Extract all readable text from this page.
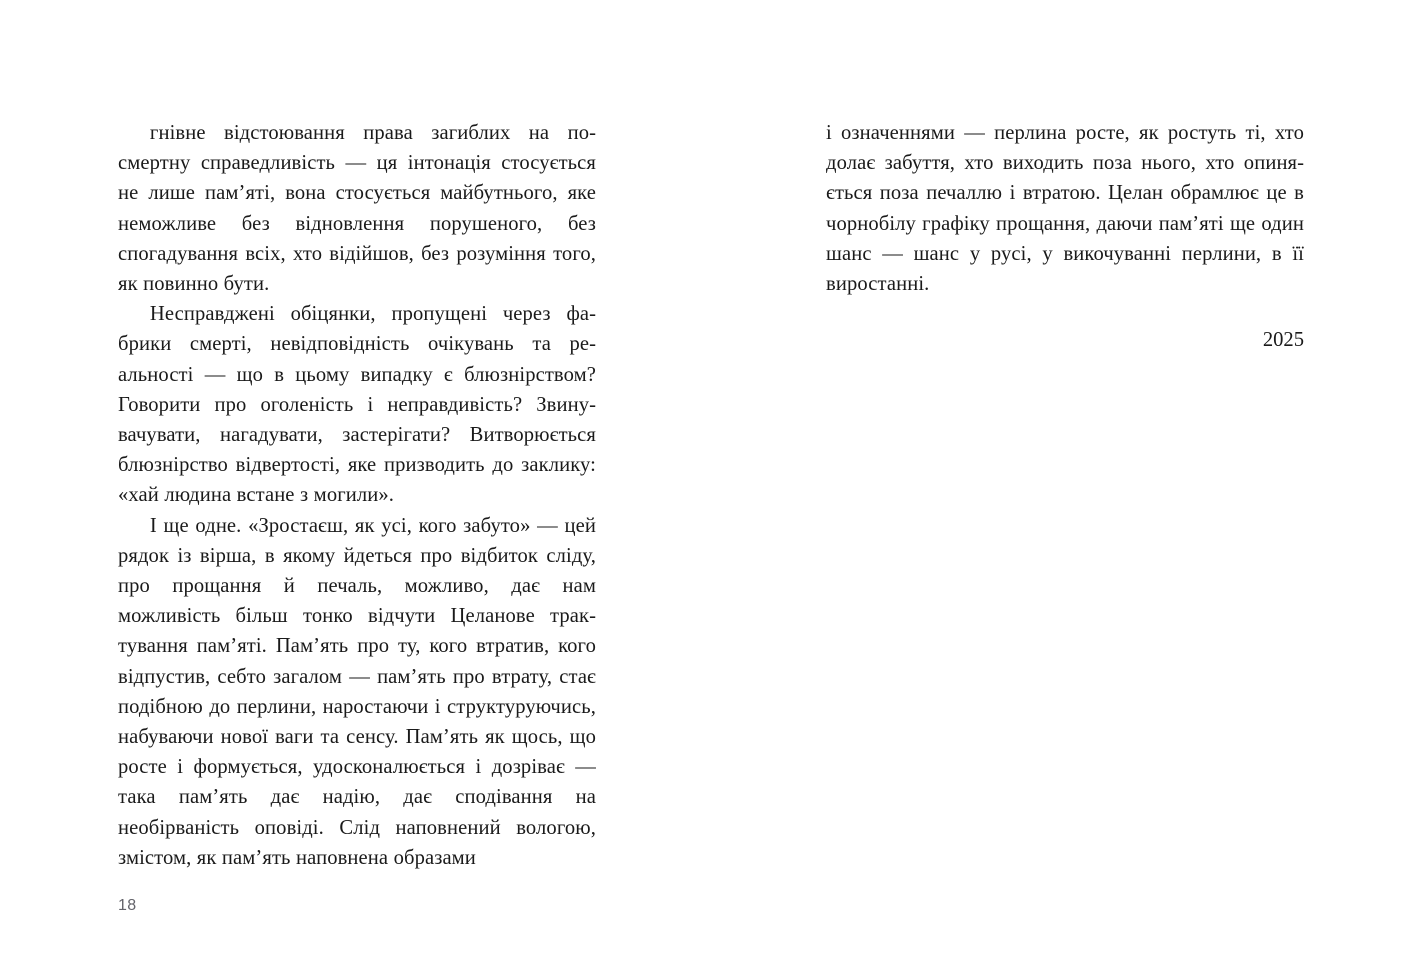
гнівне відстоювання права загиблих на посмертну справедливість — ця інтонація стосується не лише пам’яті, вона стосується майбутнього, яке неможливе без відновлення порушеного, без спогадування всіх, хто відійшов, без розуміння того, як повинно бути.

Несправджені обіцянки, пропущені через фабрики смерті, невідповідність очікувань та реальності — що в цьому випадку є блюзнірством? Говорити про оголеність і неправдивість? Звинувачувати, нагадувати, застерігати? Витворюється блюзнірство відвертості, яке призводить до заклику: «хай людина встане з могили».

І ще одне. «Зростаєш, як усі, кого забуто» — цей рядок із вірша, в якому йдеться про відбиток сліду, про прощання й печаль, можливо, дає нам можливість більш тонко відчути Целанове трактування пам’яті. Пам’ять про ту, кого втратив, кого відпустив, себто загалом — пам’ять про втрату, стає подібною до перлини, наростаючи і структуруючись, набуваючи нової ваги та сенсу. Пам’ять як щось, що росте і формується, удосконалюється і дозріває — така пам’ять дає надію, дає сподівання на необірваність оповіді. Слід наповнений вологою, змістом, як пам’ять наповнена образами

і означеннями — перлина росте, як ростуть ті, хто долає забуття, хто виходить поза нього, хто опиняється поза печаллю і втратою. Целан обрамлює це в чорнобілу графіку прощання, даючи пам’яті ще один шанс — шанс у русі, у викочуванні перлини, в її виростанні.

2025
18
